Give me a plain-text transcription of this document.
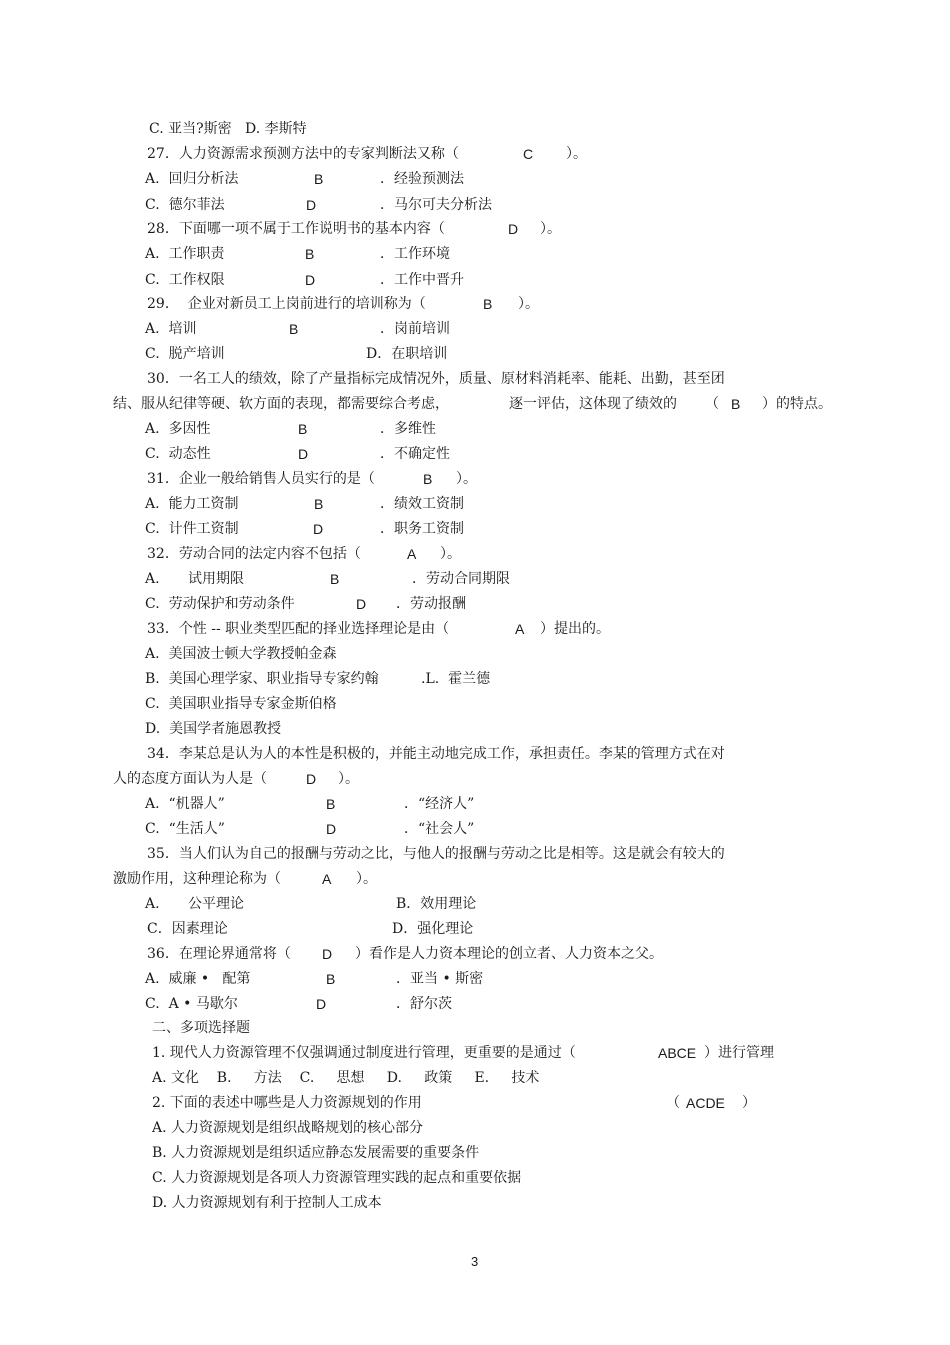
C. 亚当?斯密   D. 李斯特
27．人力资源需求预测方法中的专家判断法又称（	C ）。
A.  回归分析法	B	．经验预测法
C.  德尔菲法	D	．马尔可夫分析法
28．下面哪一项不属于工作说明书的基本内容（	D ）。
A.  工作职责	B	．工作环境
C.  工作权限	D	．工作中晋升
29．  企业对新员工上岗前进行的培训称为（	B ）。
A.  培训	B	．岗前培训
C.  脱产培训	D．在职培训
30．一名工人的绩效，除了产量指标完成情况外，质量、原材料消耗率、能耗、出勤，甚至团
结、服从纪律等硬、软方面的表现，都需要综合考虑，	逐一评估，这体现了绩效的 （ B ）的特点。
A.  多因性	B	．多维性
C.  动态性	D	．不确定性
31．企业一般给销售人员实行的是（	B ）。
A.  能力工资制	B	．绩效工资制
C.  计件工资制	D	．职务工资制
32．劳动合同的法定内容不包括（	A ）。
A. 试用期限	B	．劳动合同期限
C.  劳动保护和劳动条件	D ．劳动报酬
33．个性 -- 职业类型匹配的择业选择理论是由（	A ）提出的。
A.  美国波士顿大学教授帕金森
B.  美国心理学家、职业指导专家约翰	.L.  霍兰德
C.  美国职业指导专家金斯伯格
D.  美国学者施恩教授
34．李某总是认为人的本性是积极的，并能主动地完成工作，承担责任。李某的管理方式在对
人的态度方面认为人是（	D ）。
A.  “机器人”	B	．“经济人”
C.  “生活人”	D	．“社会人”
35．当人们认为自己的报酬与劳动之比，与他人的报酬与劳动之比是相等。这是就会有较大的
激励作用，这种理论称为（	A ）。
A. 公平理论	B．效用理论
C．因素理论	D．强化理论
36．在理论界通常将（ D ）看作是人力资本理论的创立者、人力资本之父。
A.  威廉 •   配第	B	．亚当 • 斯密
C.  A • 马歇尔	D	．舒尔茨
二、多项选择题
1. 现代人力资源管理不仅强调通过制度进行管理，更重要的是通过（	ABCE ）进行管理
A. 文化    B.     方法    C.     思想     D.     政策     E.     技术
2. 下面的表述中哪些是人力资源规划的作用	（ ACDE ）
A. 人力资源规划是组织战略规划的核心部分
B. 人力资源规划是组织适应静态发展需要的重要条件
C. 人力资源规划是各项人力资源管理实践的起点和重要依据
D. 人力资源规划有利于控制人工成本
3
